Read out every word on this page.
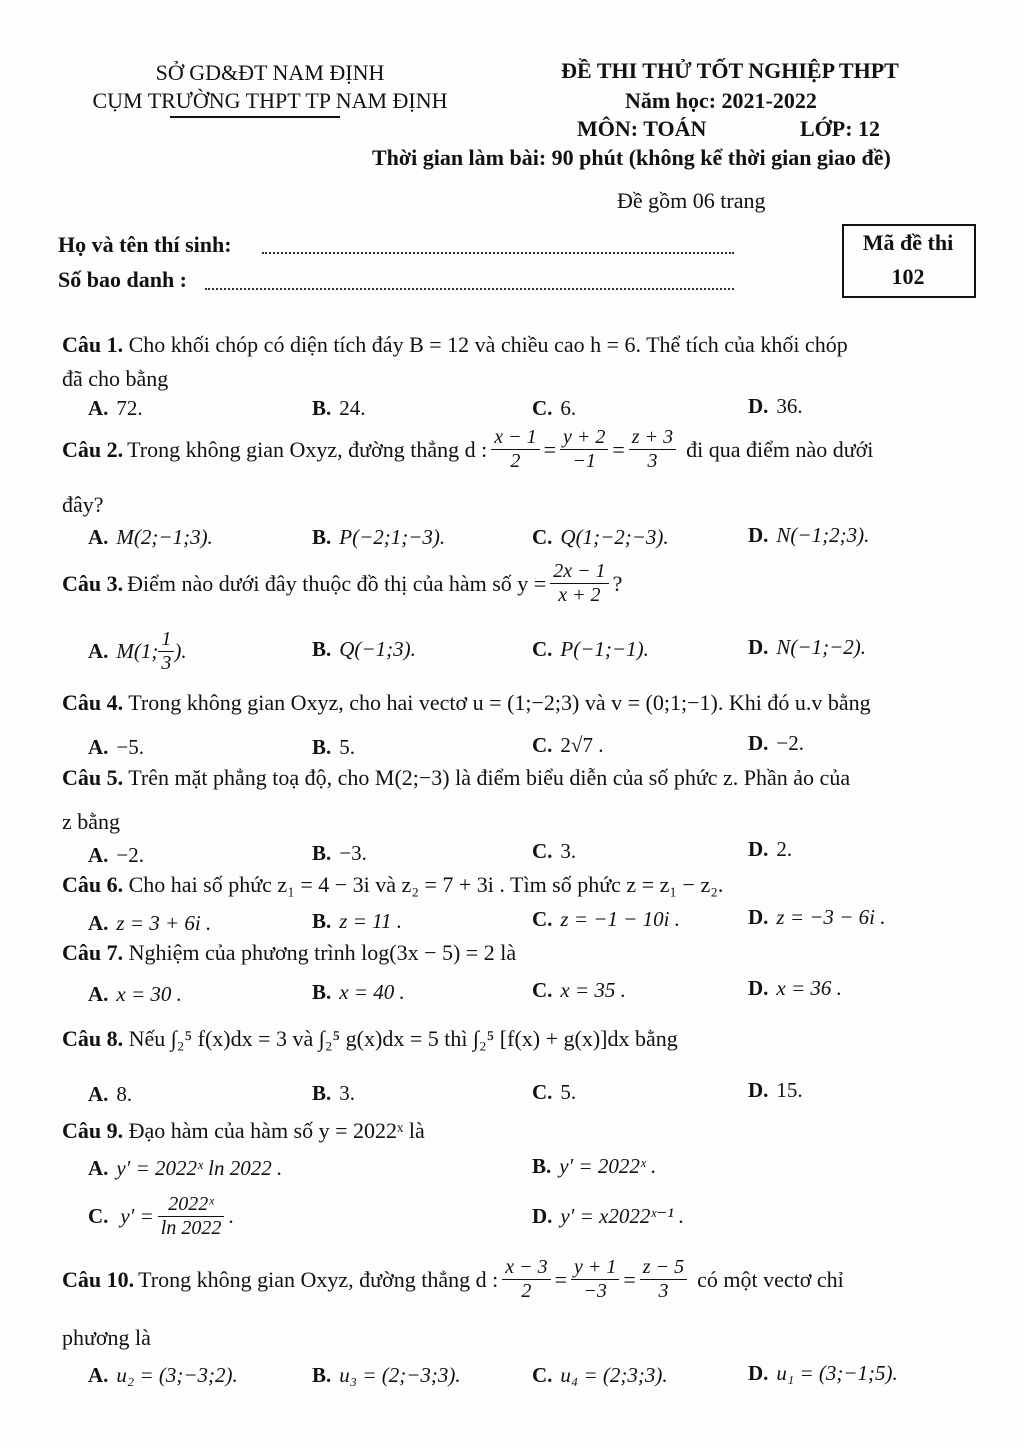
SỞ GD&ĐT NAM ĐỊNH
CỤM TRƯỜNG THPT TP NAM ĐỊNH
ĐỀ THI THỬ TỐT NGHIỆP THPT
Năm học: 2021-2022
MÔN: TOÁN	LỚP: 12
Thời gian làm bài: 90 phút (không kể thời gian giao đề)
Đề gồm 06 trang
Họ và tên thí sinh:
Số bao danh :
Mã đề thi
102
Câu 1. Cho khối chóp có diện tích đáy B = 12 và chiều cao h = 6. Thể tích của khối chóp
đã cho bằng
A. 72.	B. 24.	C. 6.	D. 36.
Câu 2. Trong không gian Oxyz, đường thẳng d : $\frac{x - 1}{2} = \frac{y + 2}{-1} = \frac{z + 3}{3}$ đi qua điểm nào dưới
đây?
A. M(2;−1;3).	B. P(−2;1;−3).	C. Q(1;−2;−3).	D. N(−1;2;3).
Câu 3. Điểm nào dưới đây thuộc đồ thị của hàm số $y = \frac{2x - 1}{x + 2}$ ?
A. M(1; $\frac{1}{3}$ ).	B. Q(−1;3).	C. P(−1;−1).	D. N(−1;−2).
Câu 4. Trong không gian Oxyz, cho hai vectơ u = (1;−2;3) và v = (0;1;−1). Khi đó u.v bằng
A. −5.	B. 5.	C. 2√7 .	D. −2.
Câu 5. Trên mặt phẳng toạ độ, cho M(2;−3) là điểm biểu diễn của số phức z. Phần ảo của
z bằng
A. −2.	B. −3.	C. 3.	D. 2.
Câu 6. Cho hai số phức z₁ = 4 − 3i và z₂ = 7 + 3i . Tìm số phức z = z₁ − z₂.
A. z = 3 + 6i .	B. z = 11 .	C. z = −1 − 10i .	D. z = −3 − 6i .
Câu 7. Nghiệm của phương trình log(3x − 5) = 2 là
A. x = 30 .	B. x = 40 .	C. x = 35 .	D. x = 36 .
Câu 8. Nếu ∫₂⁵ f(x)dx = 3 và ∫₂⁵ g(x)dx = 5 thì ∫₂⁵ [f(x) + g(x)]dx bằng
A. 8.	B. 3.	C. 5.	D. 15.
Câu 9. Đạo hàm của hàm số y = 2022ˣ là
A. y′ = 2022ˣ ln 2022 .	B. y′ = 2022ˣ .
C. $y' = \frac{\text{2022ˣ}}{\ln 2022}$ .	D. y′ = x2022ˣ⁻¹ .
Câu 10. Trong không gian Oxyz, đường thẳng d : $\frac{x - 3}{2} = \frac{y + 1}{-3} = \frac{z - 5}{3}$ có một vectơ chỉ
phương là
A. u₂ = (3;−3;2).	B. u₃ = (2;−3;3).	C. u₄ = (2;3;3).	D. u₁ = (3;−1;5).
